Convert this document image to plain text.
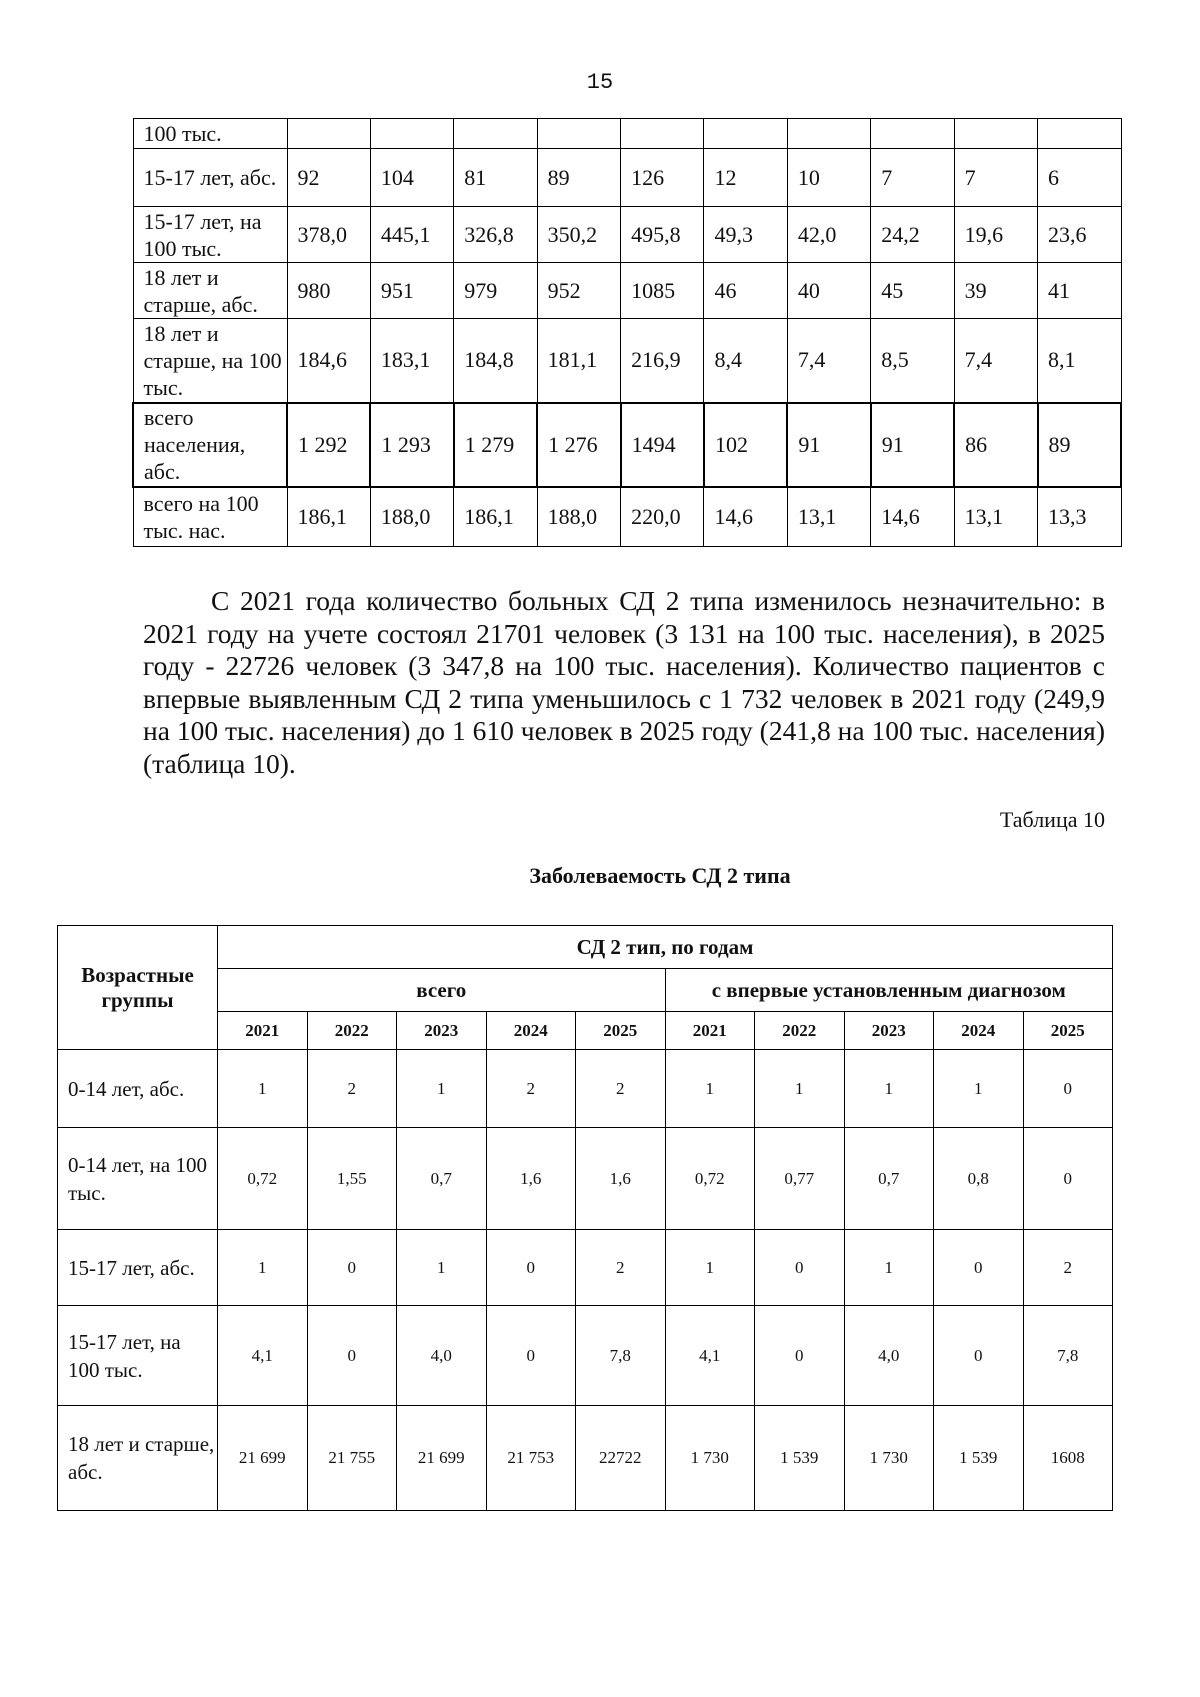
15
100 тыс.										
15-17 лет, абс.	92	104	81	89	126	12	10	7	7	6
15-17 лет, на 100 тыс.	378,0	445,1	326,8	350,2	495,8	49,3	42,0	24,2	19,6	23,6
18 лет и старше, абс.	980	951	979	952	1085	46	40	45	39	41
18 лет и старше, на 100 тыс.	184,6	183,1	184,8	181,1	216,9	8,4	7,4	8,5	7,4	8,1
всего населения, абс.	1 292	1 293	1 279	1 276	1494	102	91	91	86	89
всего на 100 тыс. нас.	186,1	188,0	186,1	188,0	220,0	14,6	13,1	14,6	13,1	13,3

С 2021 года количество больных СД 2 типа изменилось незначительно: в 2021 году на учете состоял 21701 человек (3 131 на 100 тыс. населения), в 2025 году - 22726 человек (3 347,8 на 100 тыс. населения). Количество пациентов с впервые выявленным СД 2 типа уменьшилось с 1 732 человек в 2021 году (249,9 на 100 тыс. населения) до 1 610 человек в 2025 году (241,8 на 100 тыс. населения) (таблица 10).

Таблица 10
Заболеваемость СД 2 типа
Возрастные группы	СД 2 тип, по годам									
	всего					с впервые установленным диагнозом				
	2021	2022	2023	2024	2025	2021	2022	2023	2024	2025
0-14 лет, абс.	1	2	1	2	2	1	1	1	1	0
0-14 лет, на 100 тыс.	0,72	1,55	0,7	1,6	1,6	0,72	0,77	0,7	0,8	0
15-17 лет, абс.	1	0	1	0	2	1	0	1	0	2
15-17 лет, на 100 тыс.	4,1	0	4,0	0	7,8	4,1	0	4,0	0	7,8
18 лет и старше, абс.	21 699	21 755	21 699	21 753	22722	1 730	1 539	1 730	1 539	1608
